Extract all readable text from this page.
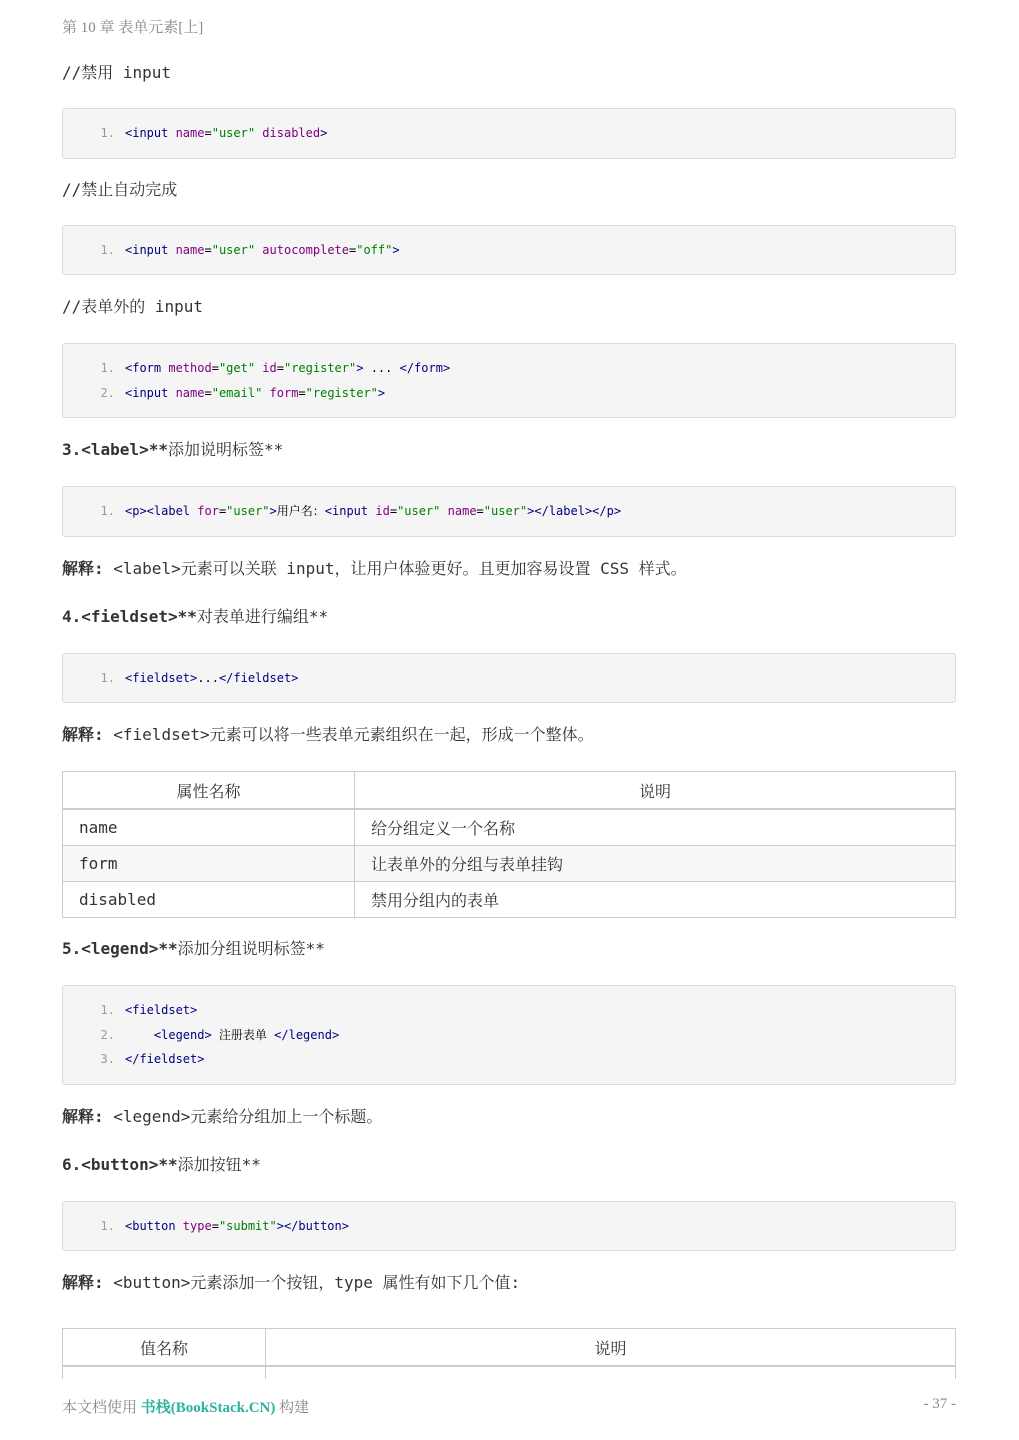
第 10 章 表单元素[上]

//禁用 input

1. <input name = "user" disabled >

//禁止自动完成

1. <input name = "user" autocomplete = "off" >

//表单外的 input

1. <form method = "get" id = "register" > ... </form>
2. <input name = "email" form = "register" >
3.<label>**添加说明标签**
1. <p><label for = "user" > 用户名： <input id = "user" name = "user" ></label></p>

解释: <label>元素可以关联 input，让用户体验更好。且更加容易设置 CSS 样式。

4.<fieldset>**对表单进行编组**
1. <fieldset> ... </fieldset>

解释: <fieldset>元素可以将一些表单元素组织在一起，形成一个整体。

属性名称	说明
name	给分组定义一个名称
form	让表单外的分组与表单挂钩
disabled	禁用分组内的表单
5.<legend>**添加分组说明标签**
1. <fieldset>
2.
	<legend> 注册表单 </legend>
3. </fieldset>

解释: <legend>元素给分组加上一个标题。

6.<button>**添加按钮**
1. <button type = "submit" ></button>

解释: <button>元素添加一个按钮，type 属性有如下几个值:

值名称	说明

本文档使用 书栈(BookStack.CN) 构建	- 37 -
